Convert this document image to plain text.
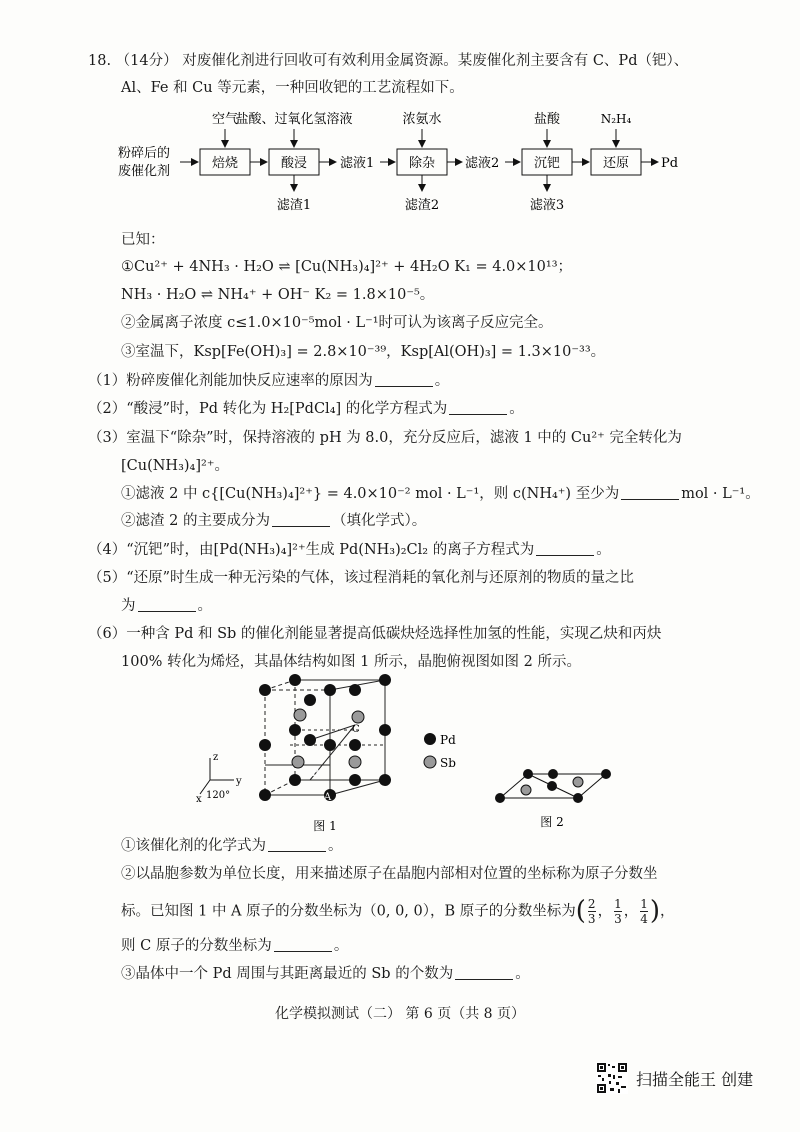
18. （14分） 对废催化剂进行回收可有效利用金属资源。某废催化剂主要含有 C、Pd（钯）、
Al、Fe 和 Cu 等元素，一种回收钯的工艺流程如下。
粉碎后的
废催化剂
焙烧	酸浸	滤液1	除杂 滤液2	沉钯	还原 Pd
空气
盐酸、过氧化氢溶液	浓氨水	盐酸	N₂H₄
滤渣1	滤渣2	滤液3
已知：
①Cu²⁺ + 4NH₃ · H₂O ⇌ [Cu(NH₃)₄]²⁺ + 4H₂O K₁ = 4.0×10¹³；
NH₃ · H₂O ⇌ NH₄⁺ + OH⁻ K₂ = 1.8×10⁻⁵。
②金属离子浓度 c≤1.0×10⁻⁵mol · L⁻¹时可认为该离子反应完全。
③室温下，Ksp[Fe(OH)₃] = 2.8×10⁻³⁹，Ksp[Al(OH)₃] = 1.3×10⁻³³。
（1）粉碎废催化剂能加快反应速率的原因为	。
（2）“酸浸”时，Pd 转化为 H₂[PdCl₄] 的化学方程式为	。
（3）室温下“除杂”时，保持溶液的 pH 为 8.0，充分反应后，滤液 1 中的 Cu²⁺ 完全转化为
[Cu(NH₃)₄]²⁺。
①滤液 2 中 c{[Cu(NH₃)₄]²⁺} = 4.0×10⁻² mol · L⁻¹，则 c(NH₄⁺) 至少为	mol · L⁻¹。
②滤渣 2 的主要成分为	（填化学式）。
（4）“沉钯”时，由[Pd(NH₃)₄]²⁺生成 Pd(NH₃)₂Cl₂ 的离子方程式为	。
（5）“还原”时生成一种无污染的气体，该过程消耗的氧化剂与还原剂的物质的量之比
为	。
（6）一种含 Pd 和 Sb 的催化剂能显著提高低碳炔烃选择性加氢的性能，实现乙炔和丙炔
100% 转化为烯烃，其晶体结构如图 1 所示，晶胞俯视图如图 2 所示。
z
y
x 120°	A
B
C
Pd
Sb
图 1	图 2
①该催化剂的化学式为	。
②以晶胞参数为单位长度，用来描述原子在晶胞内部相对位置的坐标称为原子分数坐
标。已知图 1 中 A 原子的分数坐标为（0, 0, 0），B 原子的分数坐标为( $\frac{2}{3}$ ， $\frac{1}{3}$ ， $\frac{1}{4}$ )，
则 C 原子的分数坐标为	。
③晶体中一个 Pd 周围与其距离最近的 Sb 的个数为	。
化学模拟测试（二） 第 6 页（共 8 页）
扫描全能王 创建
